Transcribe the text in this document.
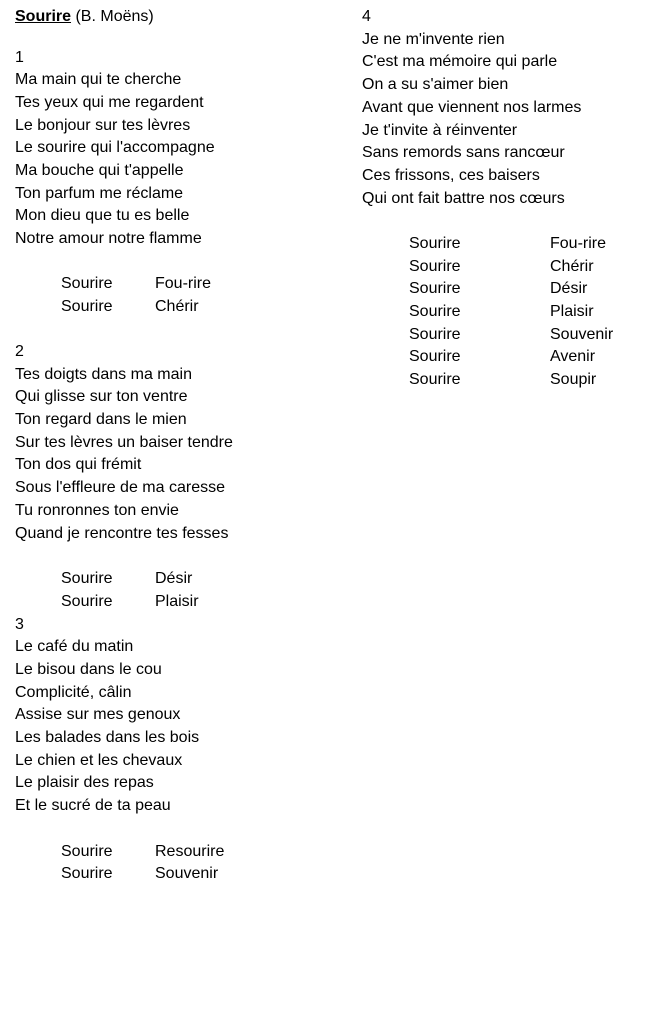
Sourire (B. Moëns)
1
Ma main qui te cherche
Tes yeux qui me regardent
Le bonjour sur tes lèvres
Le sourire qui l'accompagne
Ma bouche qui t'appelle
Ton parfum me réclame
Mon dieu que tu es belle
Notre amour notre flamme
Sourire	Fou-rire
Sourire	Chérir
2
Tes doigts dans ma main
Qui glisse sur ton ventre
Ton regard dans le mien
Sur tes lèvres un baiser tendre
Ton dos qui frémit
Sous l'effleure de ma caresse
Tu ronronnes ton envie
Quand je rencontre tes fesses
Sourire	Désir
Sourire	Plaisir
3
Le café du matin
Le bisou dans le cou
Complicité, câlin
Assise sur mes genoux
Les balades dans les bois
Le chien et les chevaux
Le plaisir des repas
Et le sucré de ta peau
Sourire	Resourire
Sourire	Souvenir
4
Je ne m'invente rien
C'est ma mémoire qui parle
On a su s'aimer bien
Avant que viennent nos larmes
Je t'invite à réinventer
Sans remords sans rancœur
Ces frissons, ces baisers
Qui ont fait battre nos cœurs
Sourire	Fou-rire
Sourire	Chérir
Sourire	Désir
Sourire	Plaisir
Sourire	Souvenir
Sourire	Avenir
Sourire	Soupir
